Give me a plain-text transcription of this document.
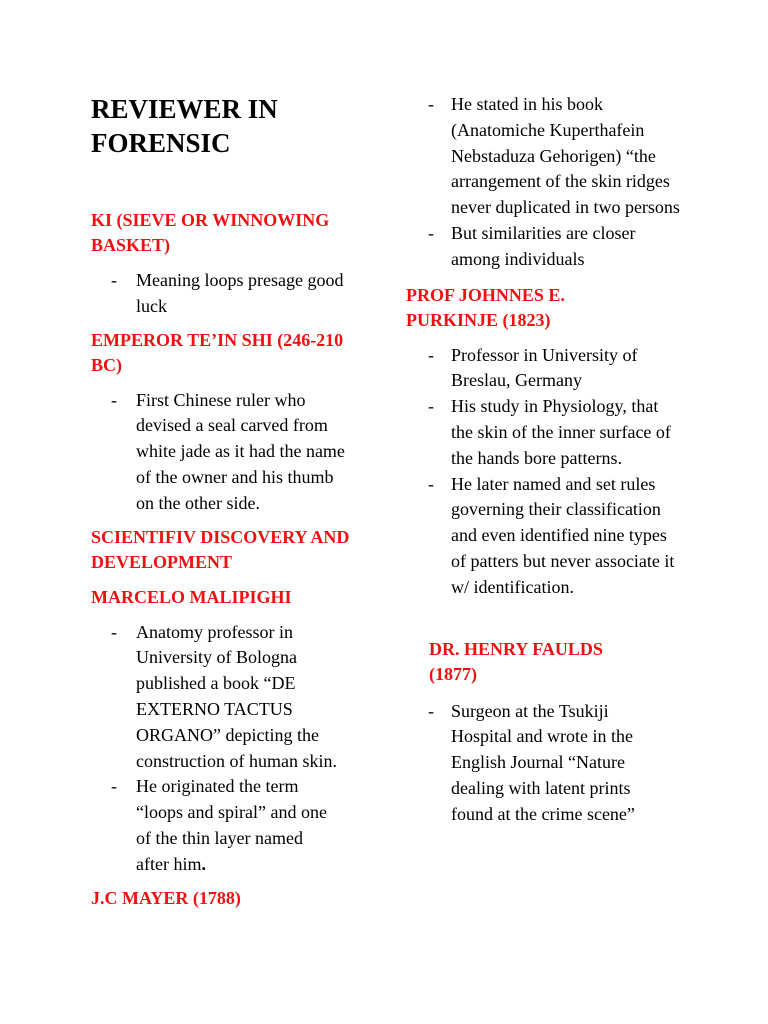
REVIEWER IN FORENSIC
KI (SIEVE OR WINNOWING BASKET)
- Meaning loops presage good luck
EMPEROR TE’IN SHI (246-210 BC)
- First Chinese ruler who devised a seal carved from white jade as it had the name of the owner and his thumb on the other side.
SCIENTIFIV DISCOVERY AND DEVELOPMENT
MARCELO MALIPIGHI
- Anatomy professor in University of Bologna published a book “DE EXTERNO TACTUS ORGANO” depicting the construction of human skin.
- He originated the term “loops and spiral” and one of the thin layer named after him.
J.C MAYER (1788)
- He stated in his book (Anatomiche Kuperthafein Nebstaduza Gehorigen) “the arrangement of the skin ridges never duplicated in two persons
- But similarities are closer among individuals
PROF JOHNNES E. PURKINJE (1823)
- Professor in University of Breslau, Germany
- His study in Physiology, that the skin of the inner surface of the hands bore patterns.
- He later named and set rules governing their classification and even identified nine types of patters but never associate it w/ identification.
DR. HENRY FAULDS (1877)
- Surgeon at the Tsukiji Hospital and wrote in the English Journal “Nature dealing with latent prints found at the crime scene”
